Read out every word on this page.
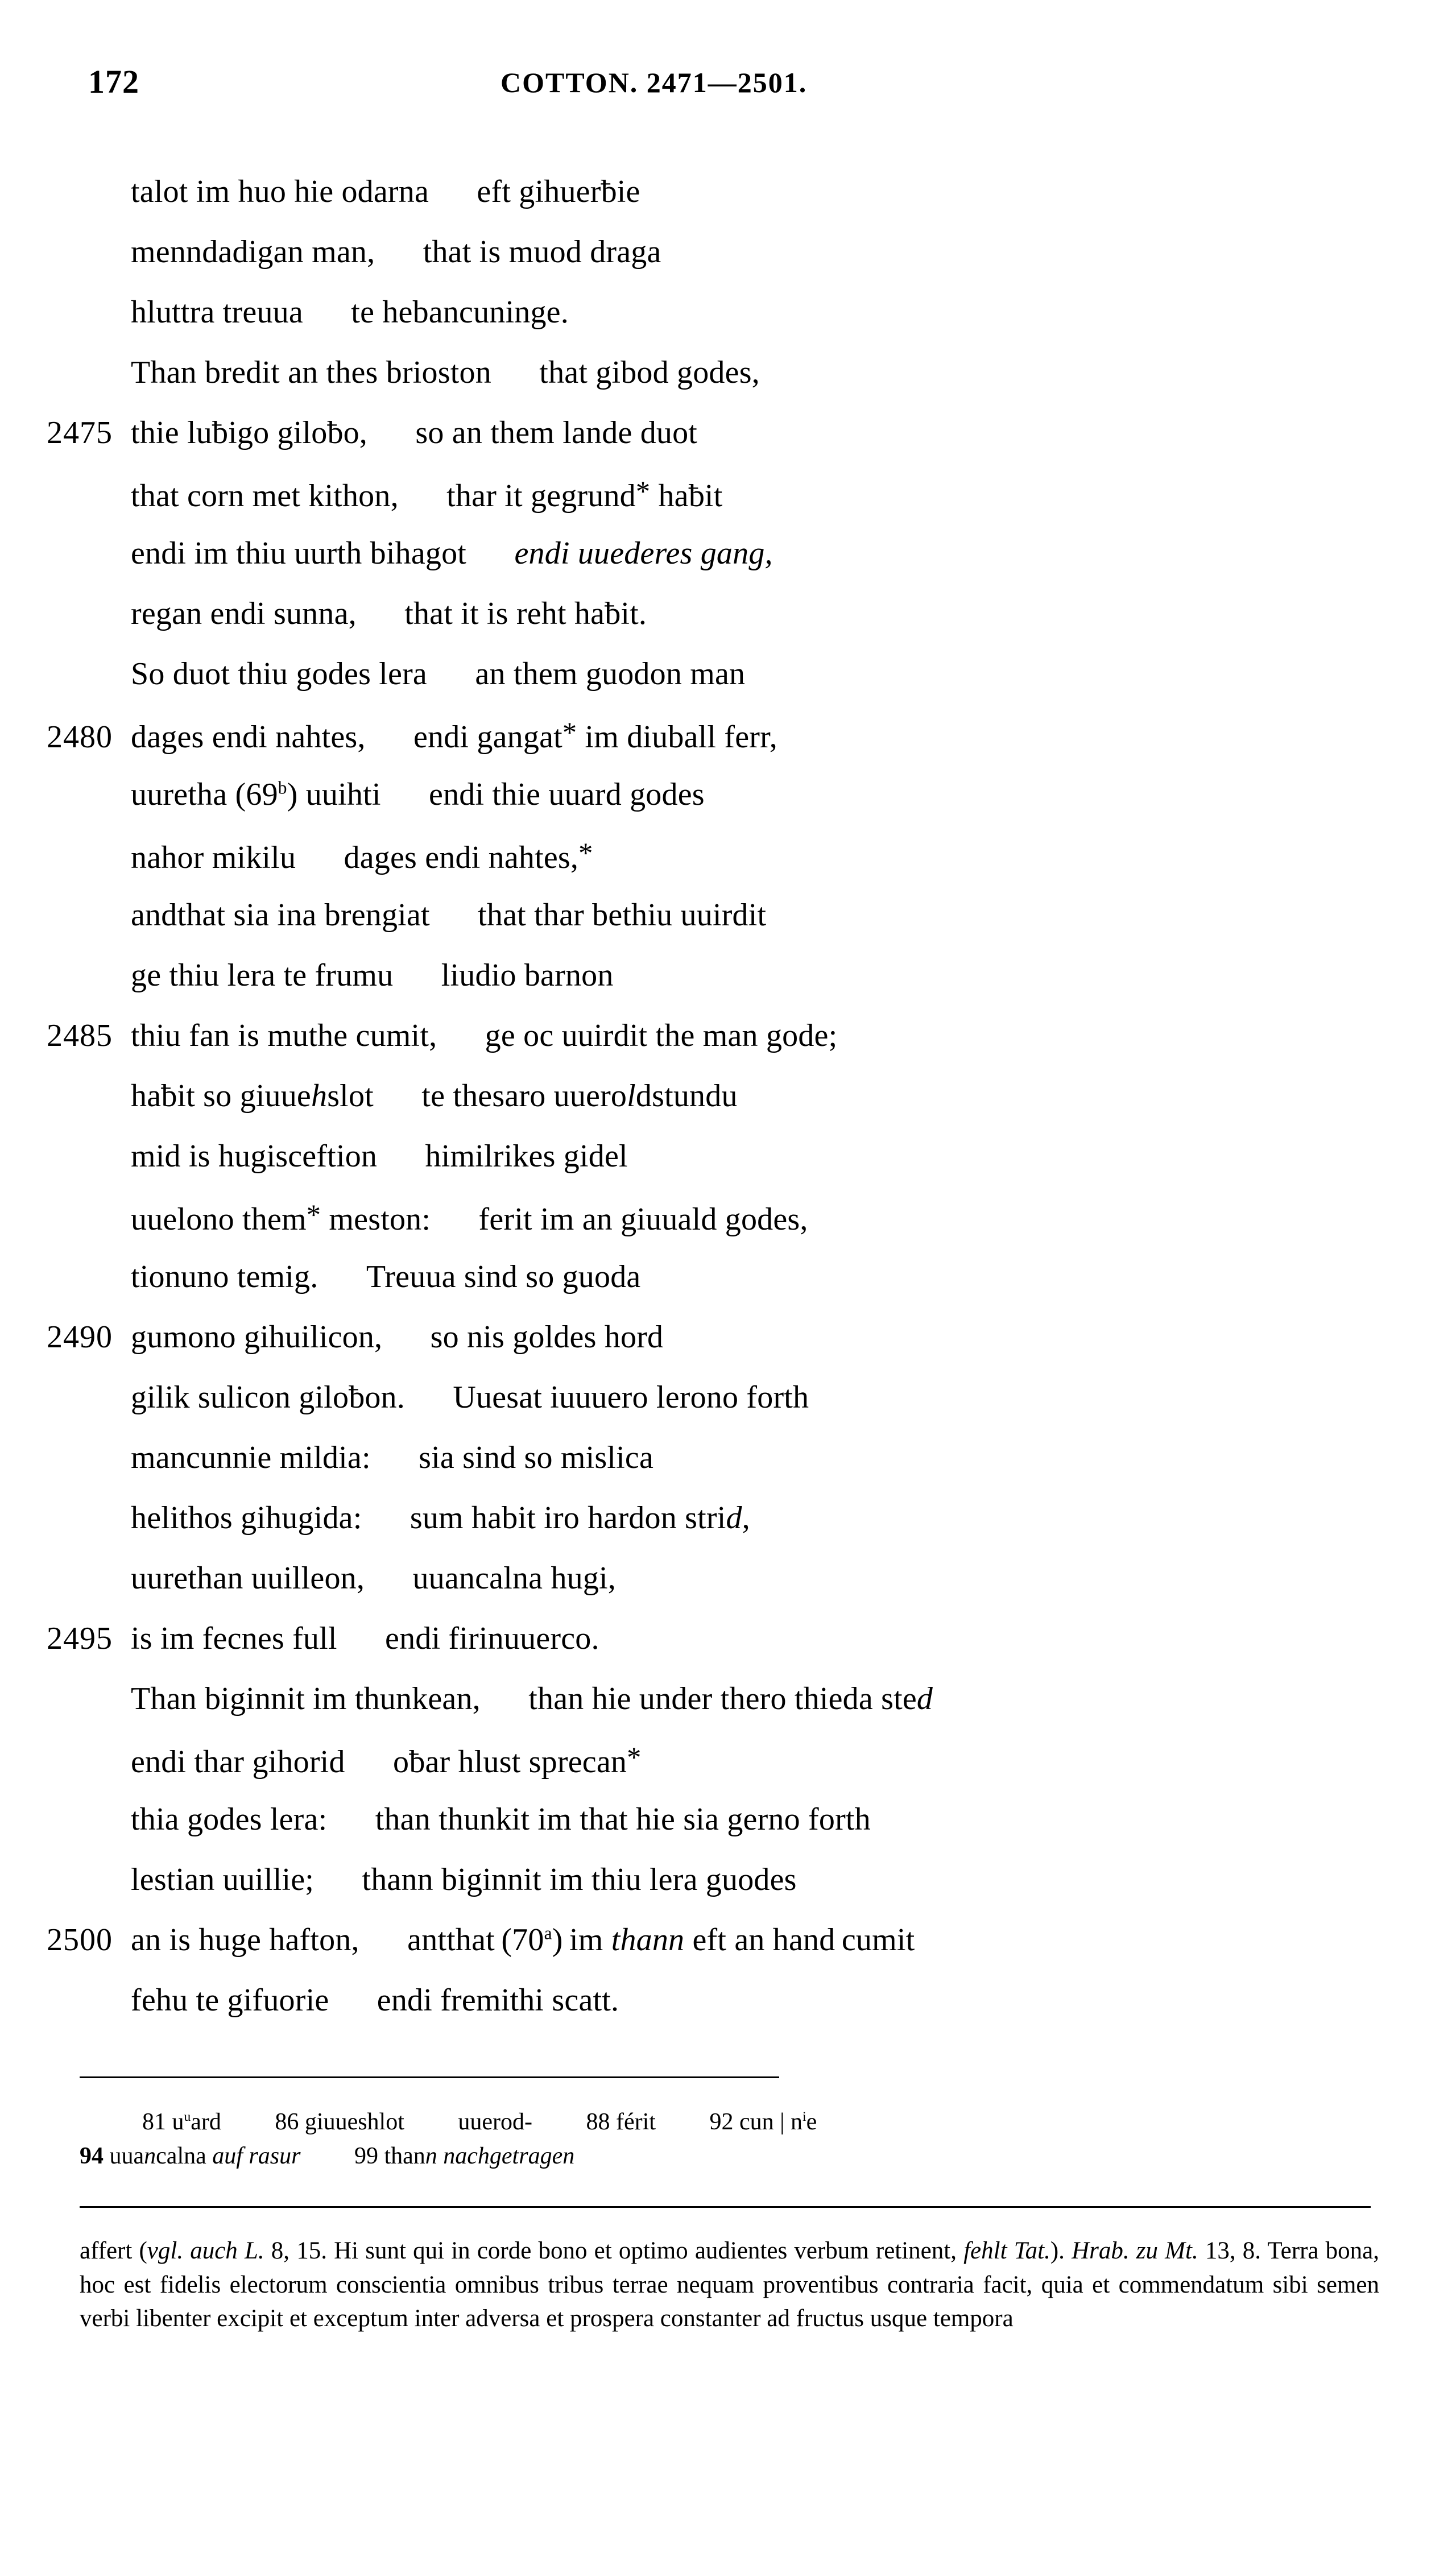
172	COTTON. 2471—2501.
talot im huo hie odarna  eft gihuerƀie
menndadigan man,  that is muod draga
hluttra treuua  te hebancuninge.
Than bredit an thes brioston  that gibod godes,
2475 thie luƀigo giloƀo,  so an them lande duot
that corn met kithon,  thar it gegrund* haƀit
endi im thiu uurth bihagot   endi uuederes gang,
regan endi sunna,  that it is reht haƀit.
So duot thiu godes lera  an them guodon man
2480 dages endi nahtes,  endi gangat* im diuball ferr,
uuretha (69$^b$) uuihti  endi thie uuard godes
nahor mikilu  dages endi nahtes,*
andthat sia ina brengiat  that thar bethiu uuirdit
ge thiu lera te frumu  liudio barnon
2485 thiu fan is muthe cumit,  ge oc uuirdit the man gode;
haƀit so giuuehslot  te thesaro uueroldstundu
mid is hugisceftion  himilrikes gidel
uuelono them* meston:  ferit im an giuuald godes,
tionuno temig.  Treuua sind so guoda
2490 gumono gihuilicon,  so nis goldes hord
gilik sulicon giloƀon.  Uuesat iuuuero lerono forth
mancunnie mildia:  sia sind so mislica
helithos gihugida:  sum habit iro hardon strid,
uurethan uuilleon,  uuancalna hugi,
2495 is im fecnes full  endi firinuuerco.
Than biginnit im thunkean,  than hie under thero thieda sted
endi thar gihorid  oƀar hlust sprecan*
thia godes lera:  than thunkit im that hie sia gerno forth
lestian uuillie;  thann biginnit im thiu lera guodes
2500 an is huge hafton,  antthat (70$^a$) im thann eft an hand cumit
fehu te gifuorie  endi fremithi scatt.
81 $u^uard$   86 giuueshlot   uuerod-   88 férit   92 cun | $n^ie$
94 uuancalna auf rasur   99 thann nachgetragen

affert (vgl. auch L. 8, 15. Hi sunt qui in corde bono et optimo audientes verbum retinent, fehlt Tat.). Hrab. zu Mt. 13, 8. Terra bona, hoc est fidelis electorum conscientia omnibus tribus terrae nequam proventibus contraria facit, quia et commendatum sibi semen verbi libenter excipit et exceptum inter adversa et prospera constanter ad fructus usque tempora
